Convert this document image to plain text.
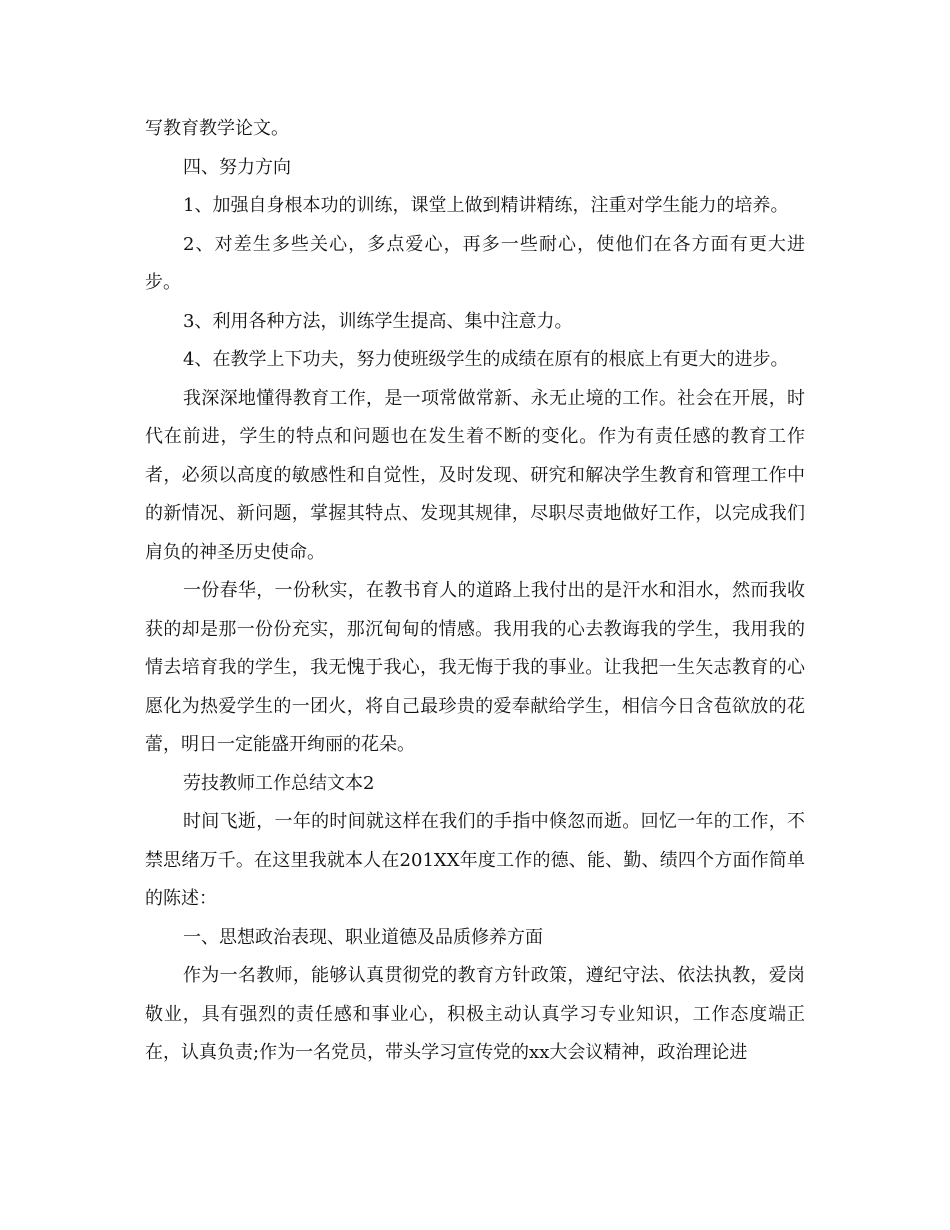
写教育教学论文。

四、努力方向

1、加强自身根本功的训练，课堂上做到精讲精练，注重对学生能力的培养。

2、对差生多些关心，多点爱心，再多一些耐心，使他们在各方面有更大进步。

3、利用各种方法，训练学生提高、集中注意力。

4、在教学上下功夫，努力使班级学生的成绩在原有的根底上有更大的进步。

我深深地懂得教育工作，是一项常做常新、永无止境的工作。社会在开展，时代在前进，学生的特点和问题也在发生着不断的变化。作为有责任感的教育工作者，必须以高度的敏感性和自觉性，及时发现、研究和解决学生教育和管理工作中的新情况、新问题，掌握其特点、发现其规律，尽职尽责地做好工作，以完成我们肩负的神圣历史使命。

一份春华，一份秋实，在教书育人的道路上我付出的是汗水和泪水，然而我收获的却是那一份份充实，那沉甸甸的情感。我用我的心去教诲我的学生，我用我的情去培育我的学生，我无愧于我心，我无悔于我的事业。让我把一生矢志教育的心愿化为热爱学生的一团火，将自己最珍贵的爱奉献给学生，相信今日含苞欲放的花蕾，明日一定能盛开绚丽的花朵。

劳技教师工作总结文本2

时间飞逝，一年的时间就这样在我们的手指中倏忽而逝。回忆一年的工作，不禁思绪万千。在这里我就本人在201XX年度工作的德、能、勤、绩四个方面作简单的陈述：

一、思想政治表现、职业道德及品质修养方面

作为一名教师，能够认真贯彻党的教育方针政策，遵纪守法、依法执教，爱岗敬业，具有强烈的责任感和事业心，积极主动认真学习专业知识，工作态度端正在，认真负责;作为一名党员，带头学习宣传党的xx大会议精神，政治理论进
